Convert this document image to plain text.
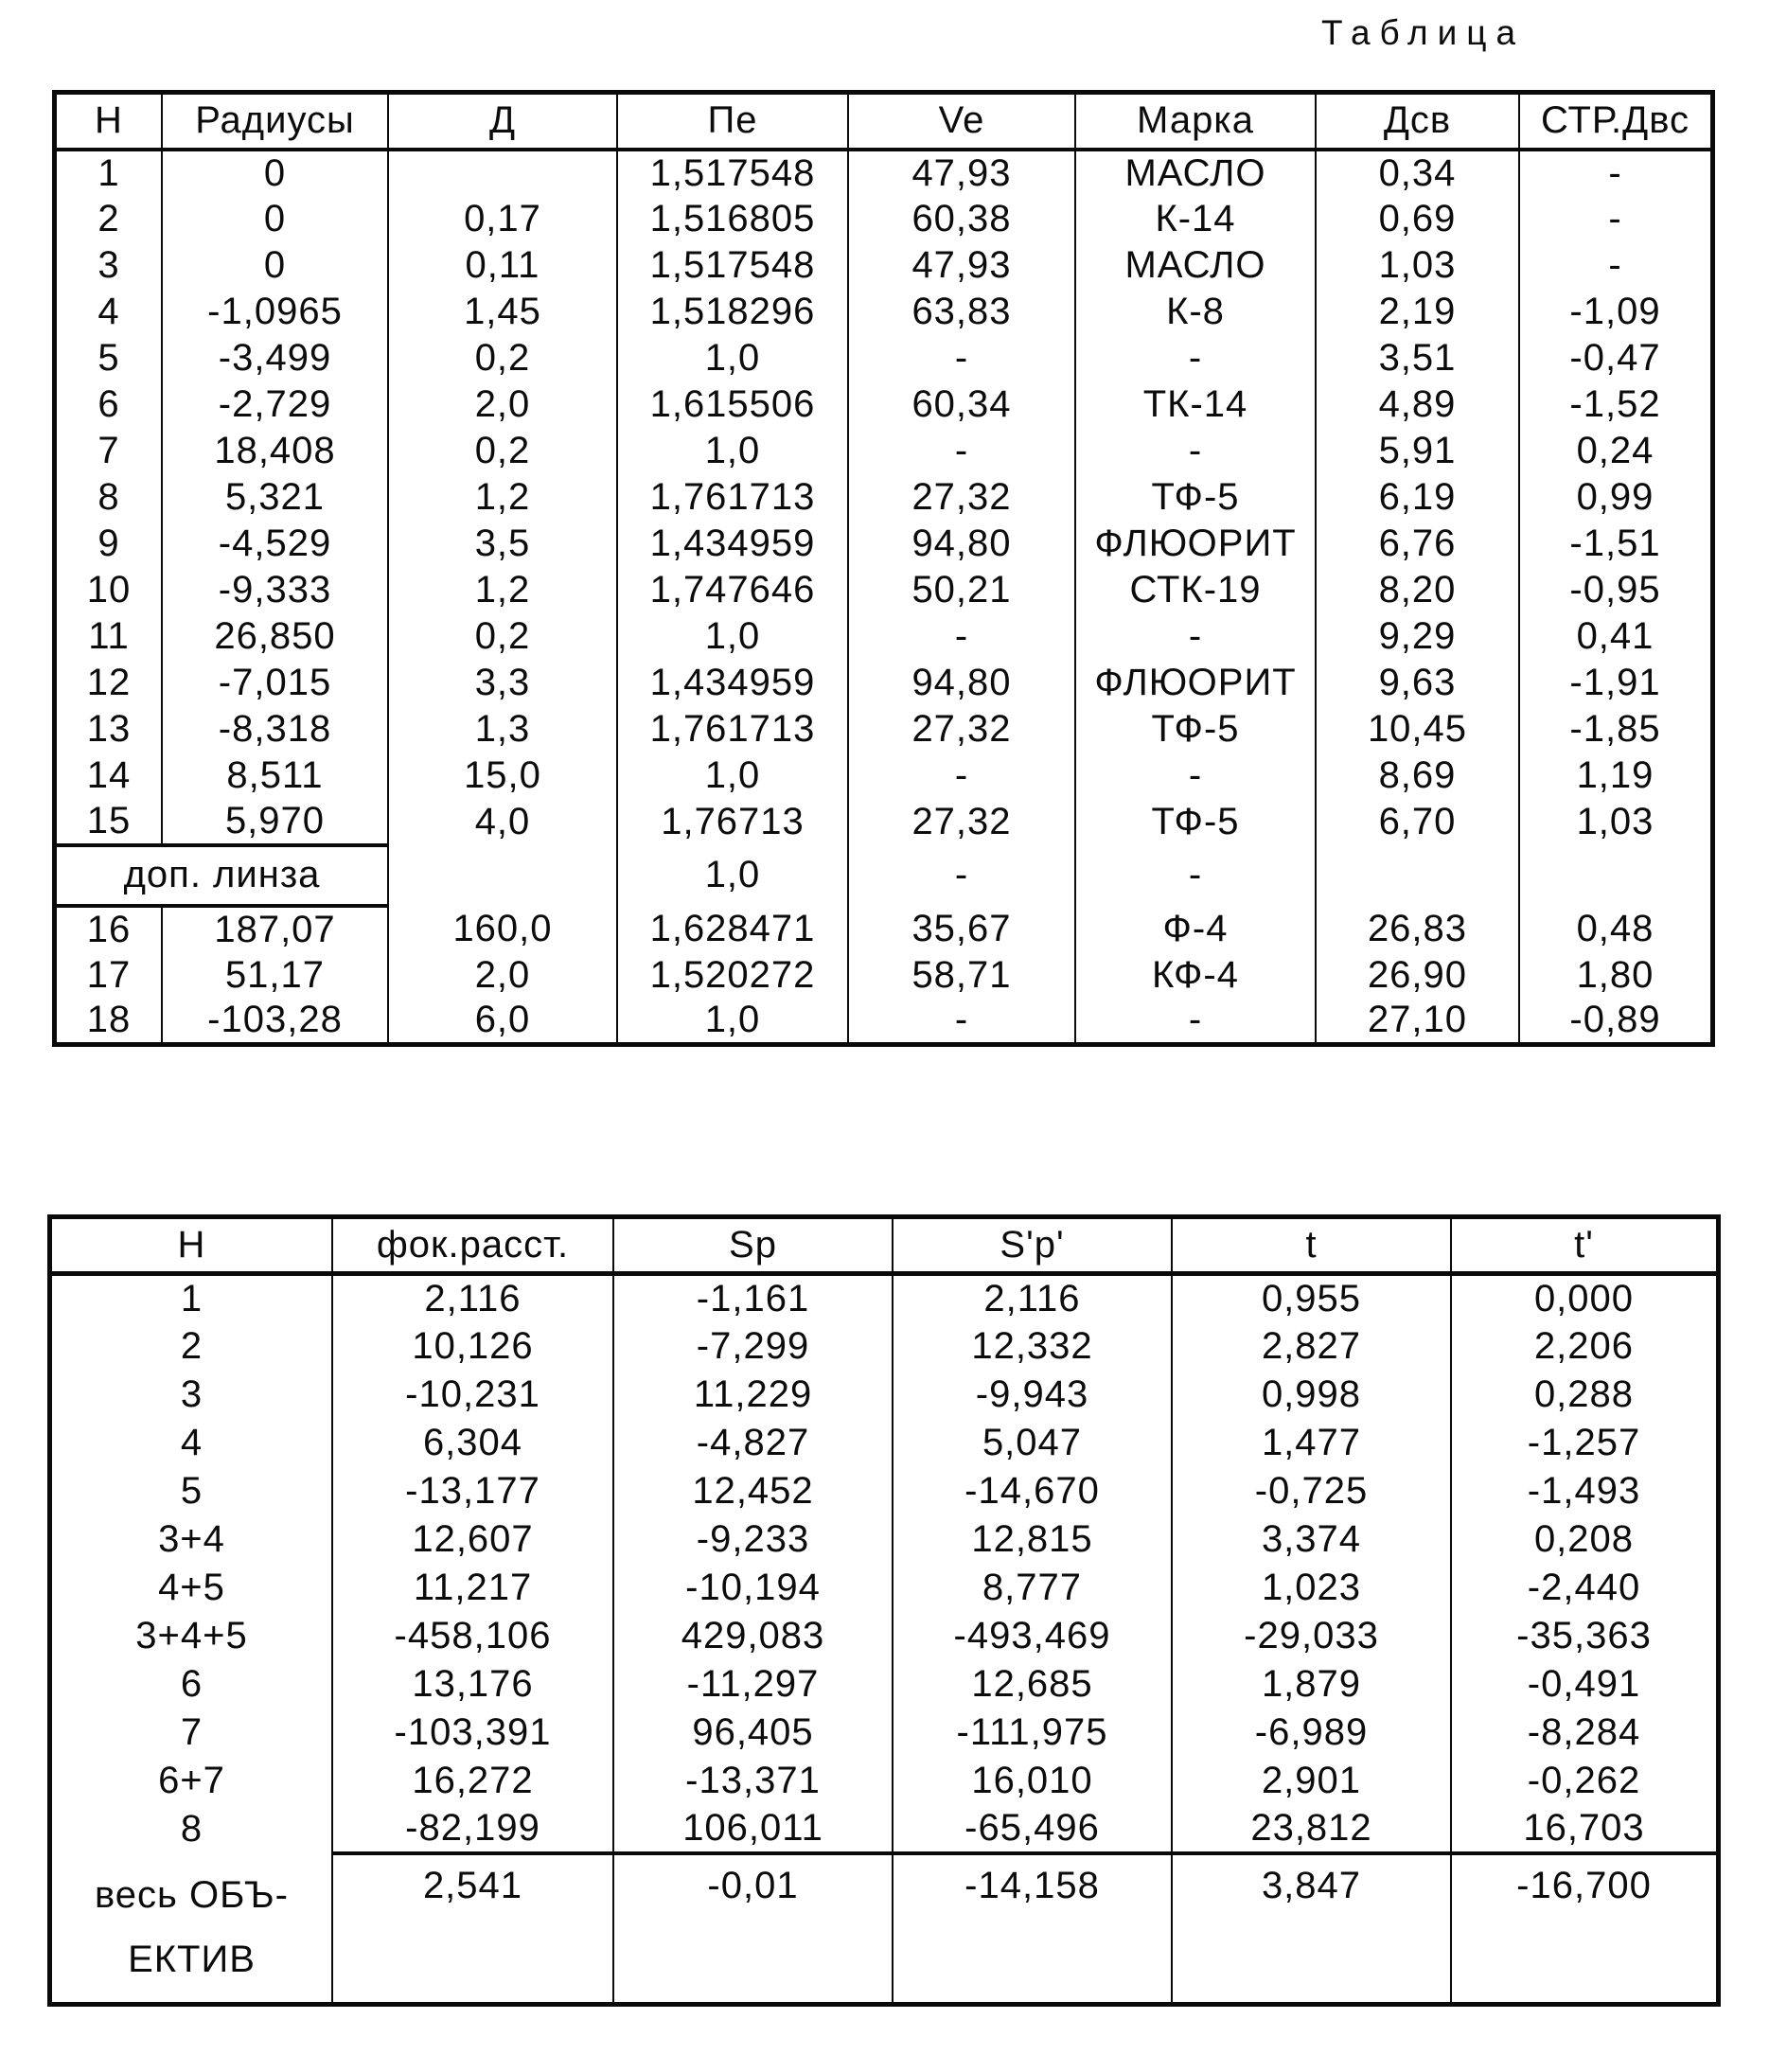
Таблица
Н	Радиусы	Д	Пе	Ve	Марка	Дсв	СТР.Двс
1	0		1,517548	47,93	МАСЛО	0,34	-
2	0	0,17	1,516805	60,38	К-14	0,69	-
3	0	0,11	1,517548	47,93	МАСЛО	1,03	-
4	-1,0965	1,45	1,518296	63,83	К-8	2,19	-1,09
5	-3,499	0,2	1,0	-	-	3,51	-0,47
6	-2,729	2,0	1,615506	60,34	ТК-14	4,89	-1,52
7	18,408	0,2	1,0	-	-	5,91	0,24
8	5,321	1,2	1,761713	27,32	ТФ-5	6,19	0,99
9	-4,529	3,5	1,434959	94,80	ФЛЮОРИТ	6,76	-1,51
10	-9,333	1,2	1,747646	50,21	СТК-19	8,20	-0,95
11	26,850	0,2	1,0	-	-	9,29	0,41
12	-7,015	3,3	1,434959	94,80	ФЛЮОРИТ	9,63	-1,91
13	-8,318	1,3	1,761713	27,32	ТФ-5	10,45	-1,85
14	8,511	15,0	1,0	-	-	8,69	1,19
15	5,970	4,0	1,76713	27,32	ТФ-5	6,70	1,03
доп. линза			1,0	-	-		
16	187,07	160,0	1,628471	35,67	Ф-4	26,83	0,48
17	51,17	2,0	1,520272	58,71	КФ-4	26,90	1,80
18	-103,28	6,0	1,0	-	-	27,10	-0,89
Н	фок.расст.	Sp	S'p'	t	t'
1	2,116	-1,161	2,116	0,955	0,000
2	10,126	-7,299	12,332	2,827	2,206
3	-10,231	11,229	-9,943	0,998	0,288
4	6,304	-4,827	5,047	1,477	-1,257
5	-13,177	12,452	-14,670	-0,725	-1,493
3+4	12,607	-9,233	12,815	3,374	0,208
4+5	11,217	-10,194	8,777	1,023	-2,440
3+4+5	-458,106	429,083	-493,469	-29,033	-35,363
6	13,176	-11,297	12,685	1,879	-0,491
7	-103,391	96,405	-111,975	-6,989	-8,284
6+7	16,272	-13,371	16,010	2,901	-0,262
8	-82,199	106,011	-65,496	23,812	16,703
весь ОБЪ-
ЕКТИВ	2,541	-0,01	-14,158	3,847	-16,700
